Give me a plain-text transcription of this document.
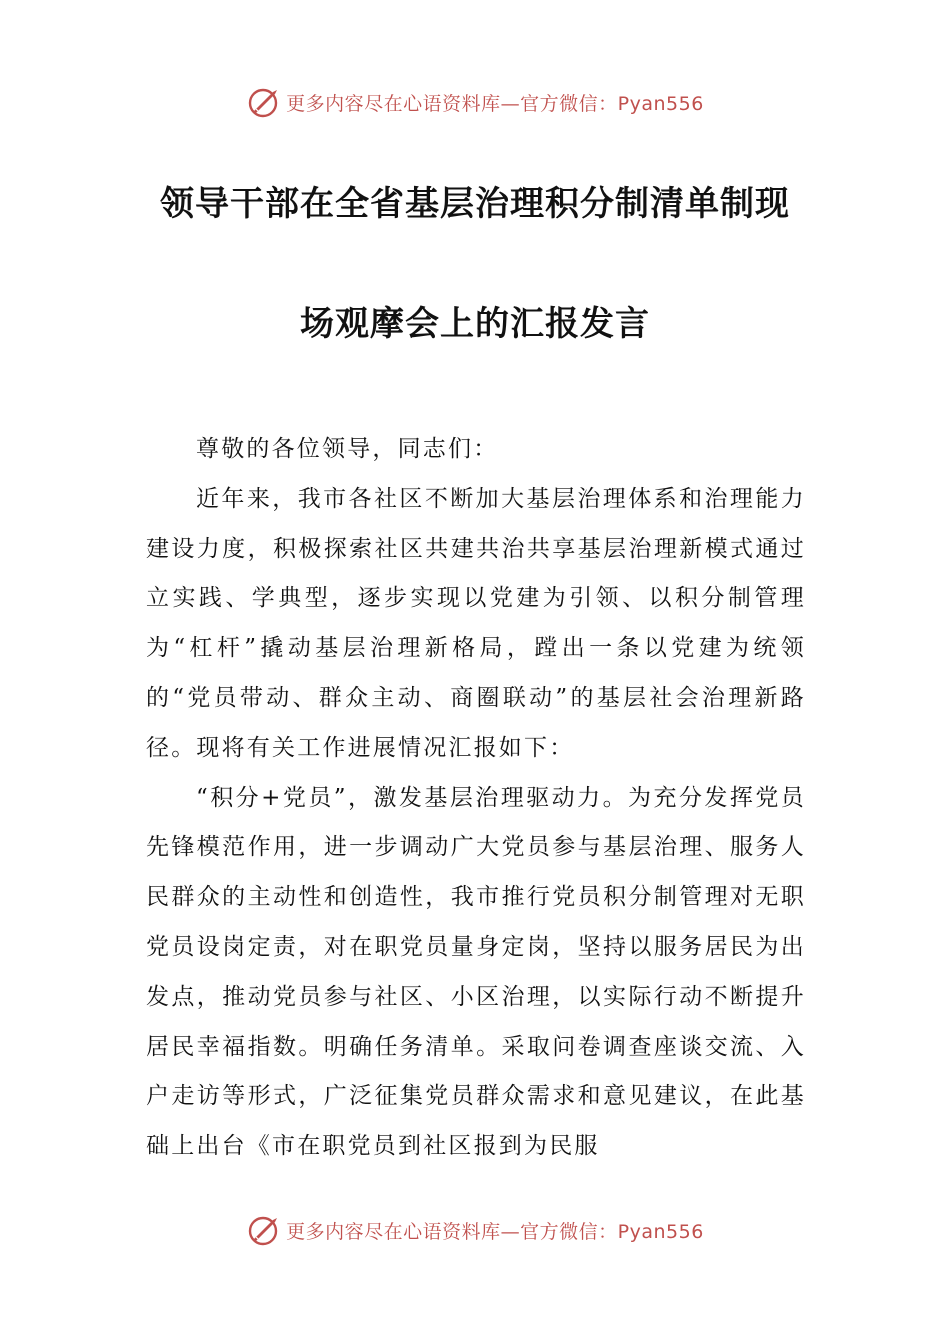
更多内容尽在心语资料库—官方微信：Pyan556
领导干部在全省基层治理积分制清单制现
场观摩会上的汇报发言

尊敬的各位领导，同志们：

近年来，我市各社区不断加大基层治理体系和治理能力建设力度，积极探索社区共建共治共享基层治理新模式通过立实践、学典型，逐步实现以党建为引领、以积分制管理为“杠杆”撬动基层治理新格局，蹚出一条以党建为统领的“党员带动、群众主动、商圈联动”的基层社会治理新路径。现将有关工作进展情况汇报如下：

“积分+党员”，激发基层治理驱动力。为充分发挥党员先锋模范作用，进一步调动广大党员参与基层治理、服务人民群众的主动性和创造性，我市推行党员积分制管理对无职党员设岗定责，对在职党员量身定岗，坚持以服务居民为出发点，推动党员参与社区、小区治理，以实际行动不断提升居民幸福指数。明确任务清单。采取问卷调查座谈交流、入户走访等形式，广泛征集党员群众需求和意见建议，在此基础上出台《市在职党员到社区报到为民服

更多内容尽在心语资料库—官方微信：Pyan556
